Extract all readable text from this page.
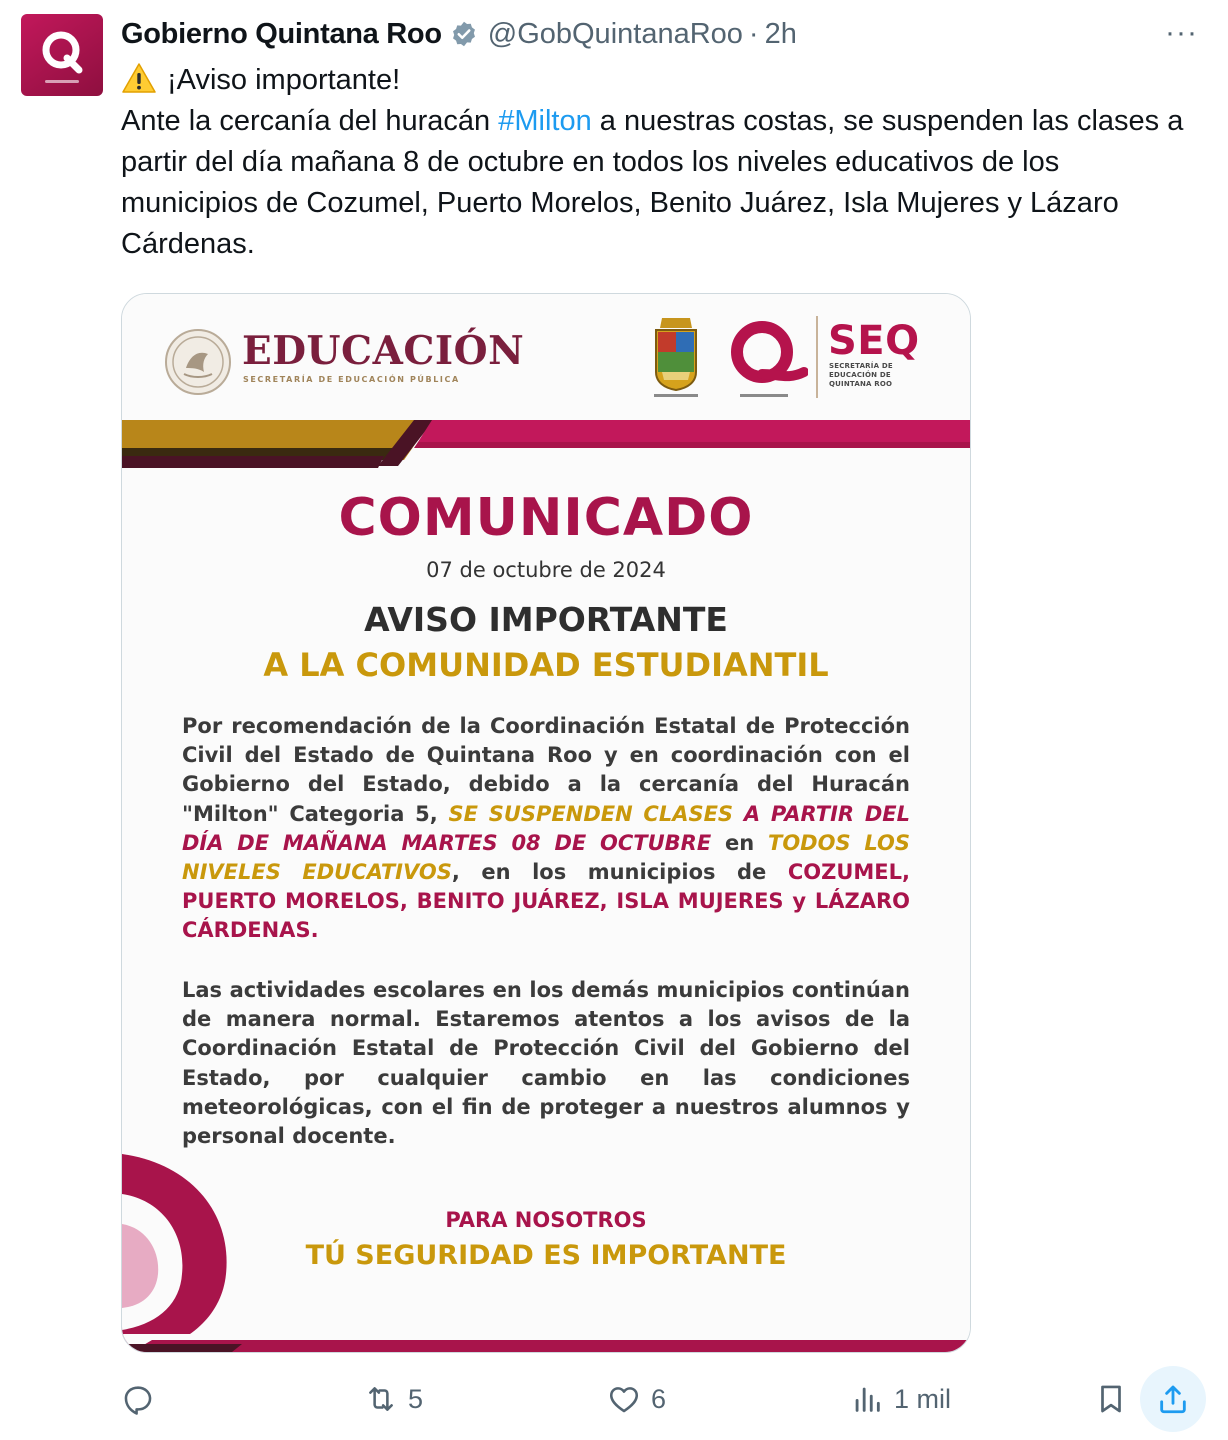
Gobierno Quintana Roo @GobQuintanaRoo · 2h	···

¡Aviso importante!

Ante la cercanía del huracán #Milton a nuestras costas, se suspenden las clases a partir del día mañana 8 de octubre en todos los niveles educativos de los municipios de Cozumel, Puerto Morelos, Benito Juárez, Isla Mujeres y Lázaro Cárdenas.

EDUCACIÓN
SECRETARÍA DE EDUCACIÓN PÚBLICA
SEQ
SECRETARÍA DE EDUCACIÓN DE QUINTANA ROO
COMUNICADO
07 de octubre de 2024
AVISO IMPORTANTE
A LA COMUNIDAD ESTUDIANTIL
Por recomendación de la Coordinación Estatal de Protección Civil del Estado de Quintana Roo y en coordinación con el Gobierno del Estado, debido a la cercanía del Huracán "Milton" Categoria 5, SE SUSPENDEN CLASES A PARTIR DEL DÍA DE MAÑANA MARTES 08 DE OCTUBRE en TODOS LOS NIVELES EDUCATIVOS, en los municipios de COZUMEL, PUERTO MORELOS, BENITO JUÁREZ, ISLA MUJERES y LÁZARO CÁRDENAS.
Las actividades escolares en los demás municipios continúan de manera normal. Estaremos atentos a los avisos de la Coordinación Estatal de Protección Civil del Gobierno del Estado, por cualquier cambio en las condiciones meteorológicas, con el fin de proteger a nuestros alumnos y personal docente.
PARA NOSOTROS
TÚ SEGURIDAD ES IMPORTANTE
5	6	1 mil
